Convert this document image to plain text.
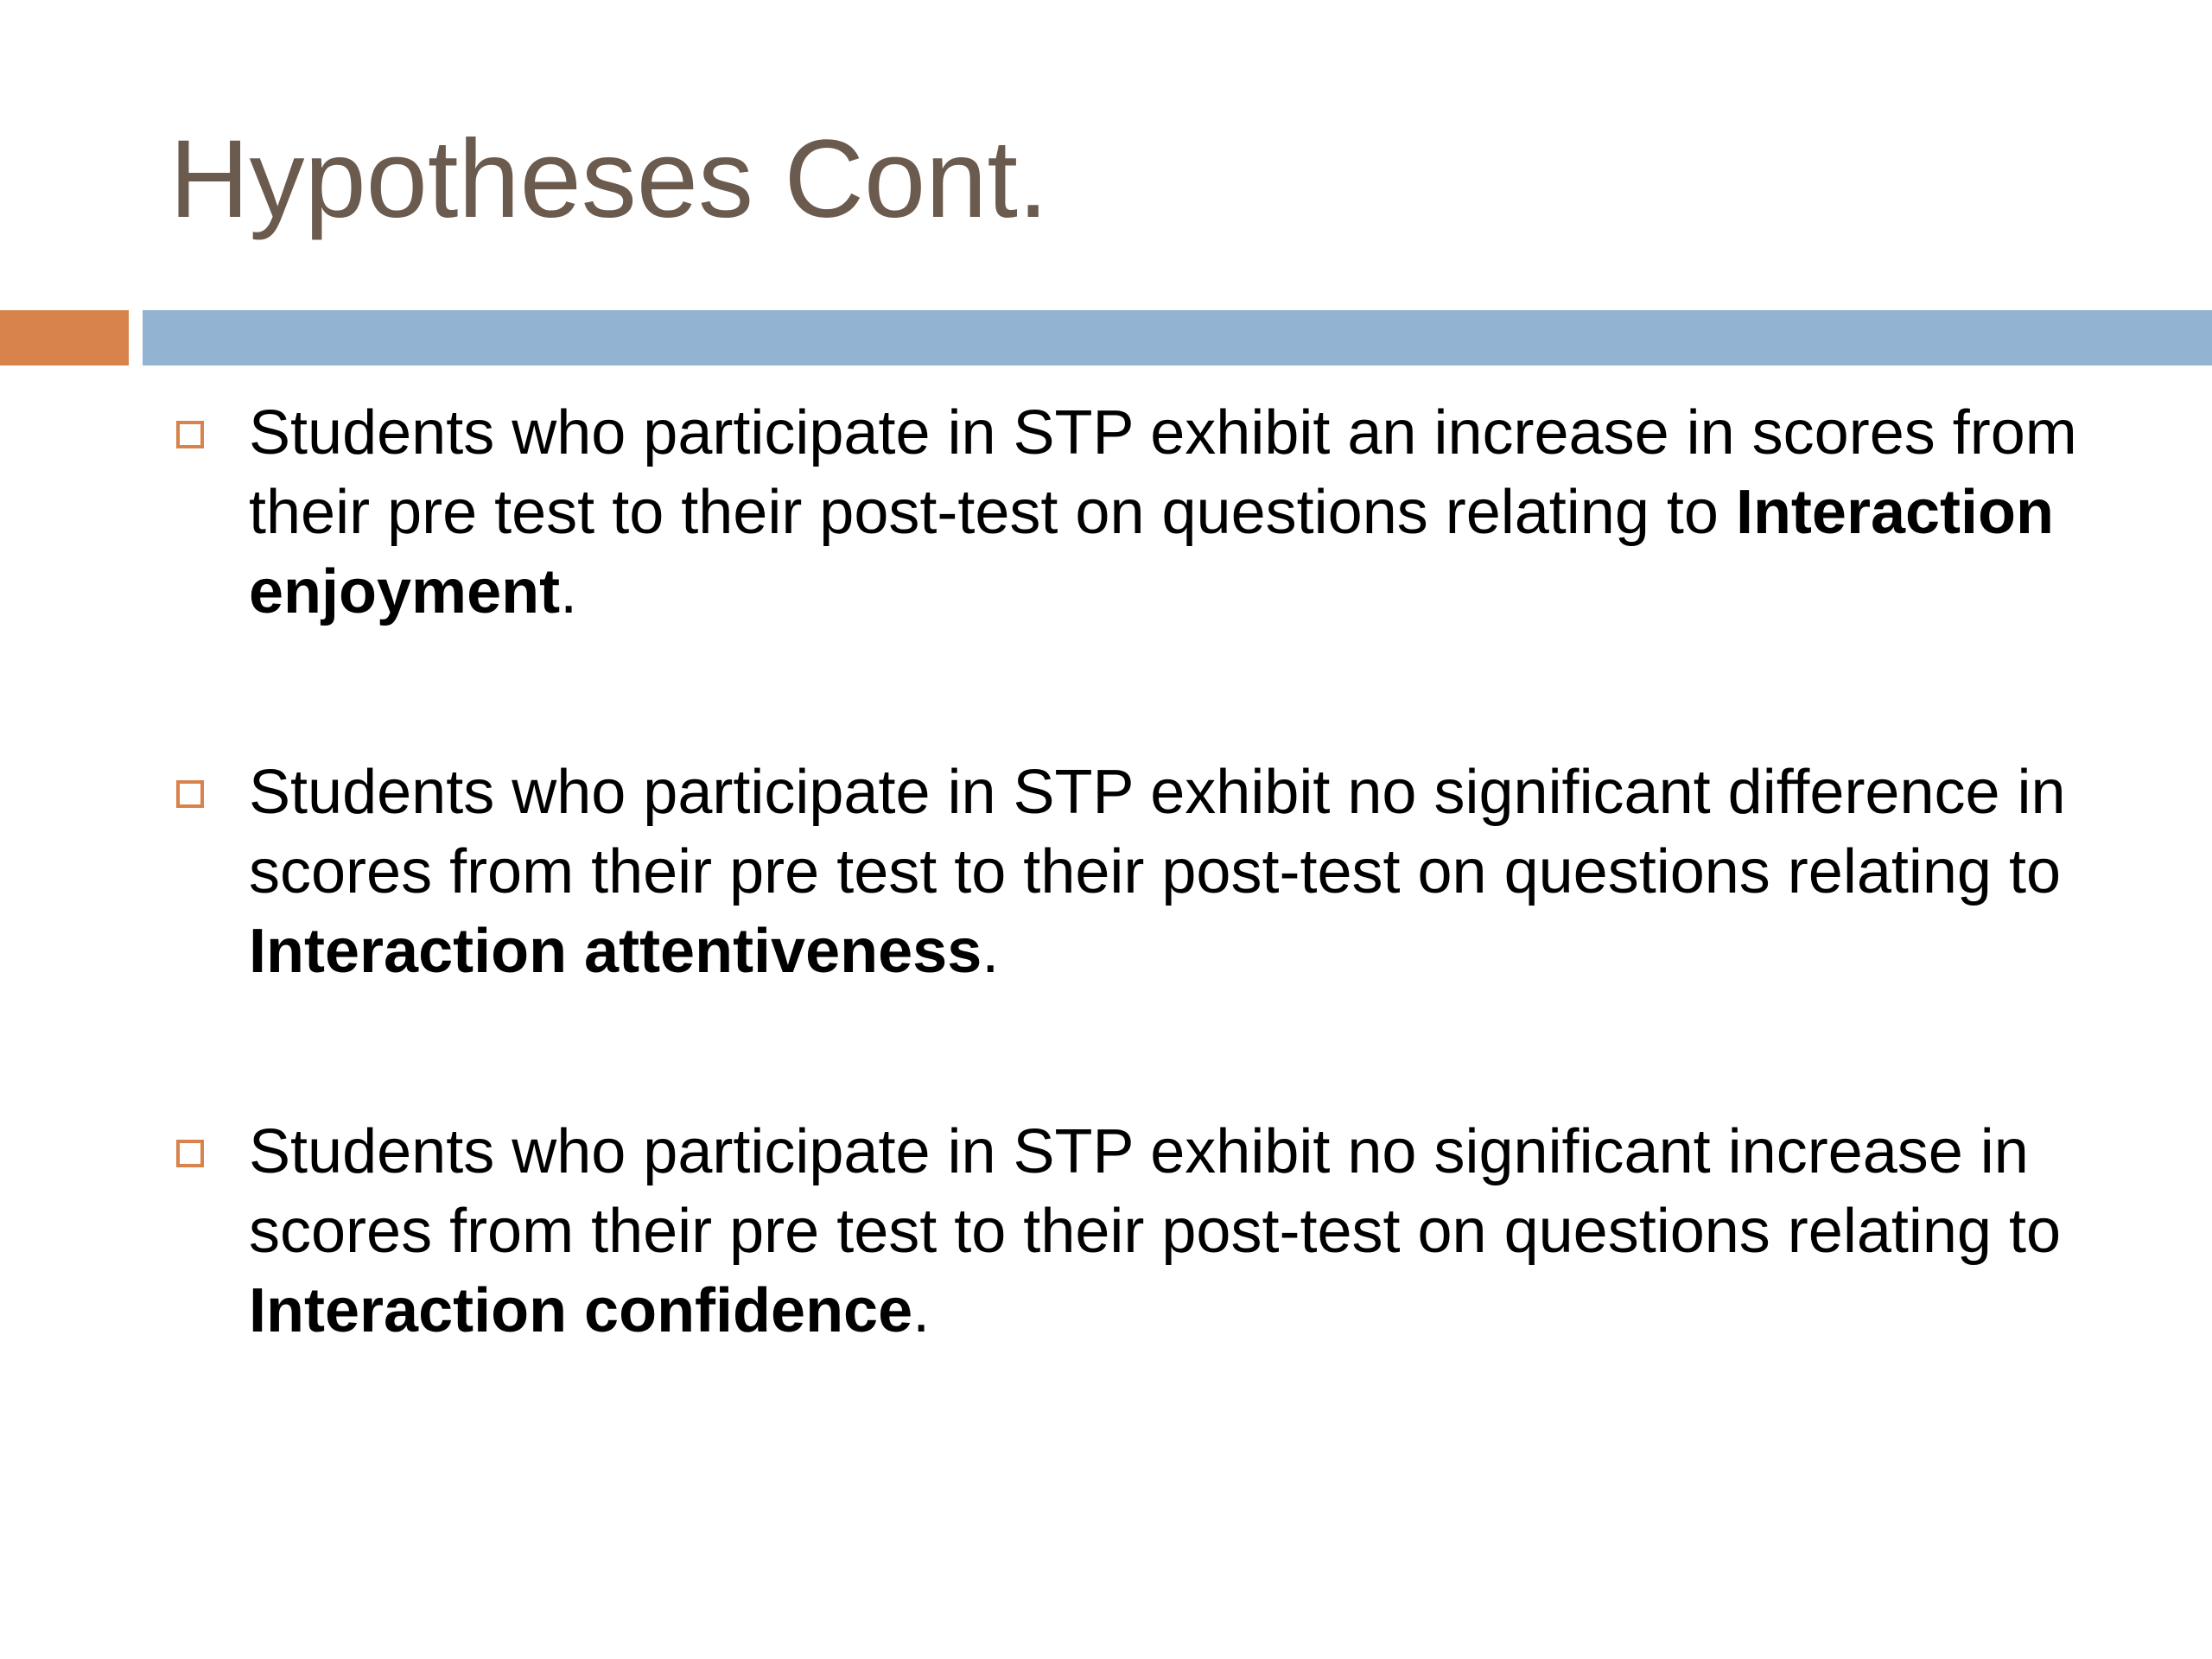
Hypotheses Cont.
Students who participate in STP exhibit an increase in scores from their pre test to their post-test on questions relating to Interaction enjoyment.
Students who participate in STP exhibit no significant difference in scores from their pre test to their post-test on questions relating to Interaction attentiveness.
Students who participate in STP exhibit no significant increase in scores from their pre test to their post-test on questions relating to Interaction confidence.
